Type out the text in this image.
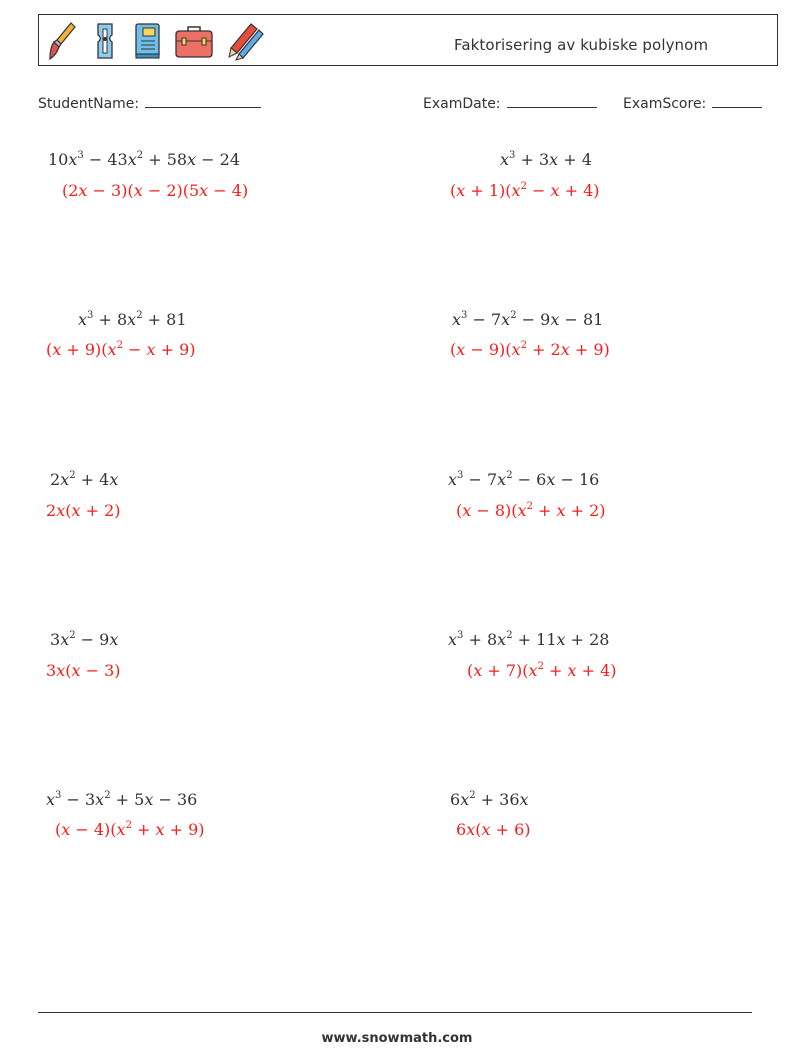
Faktorisering av kubiske polynom
StudentName:	ExamDate:	ExamScore:
$10x^3 - 43x^2 + 58x - 24$
(2x − 3)(x − 2)(5x − 4)
$x^3 + 3x + 4$
$(x + 1)(x^2 - x + 4)$
$x^3 + 8x^2 + 81$
$(x + 9)(x^2 - x + 9)$
$x^3 - 7x^2 - 9x - 81$
$(x - 9)(x^2 + 2x + 9)$
$2x^2 + 4x$
2x(x + 2)
$x^3 - 7x^2 - 6x - 16$
$(x - 8)(x^2 + x + 2)$
$3x^2 - 9x$
3x(x − 3)
$x^3 + 8x^2 + 11x + 28$
$(x + 7)(x^2 + x + 4)$
$x^3 - 3x^2 + 5x - 36$
$(x - 4)(x^2 + x + 9)$
$6x^2 + 36x$
6x(x + 6)
www.snowmath.com
